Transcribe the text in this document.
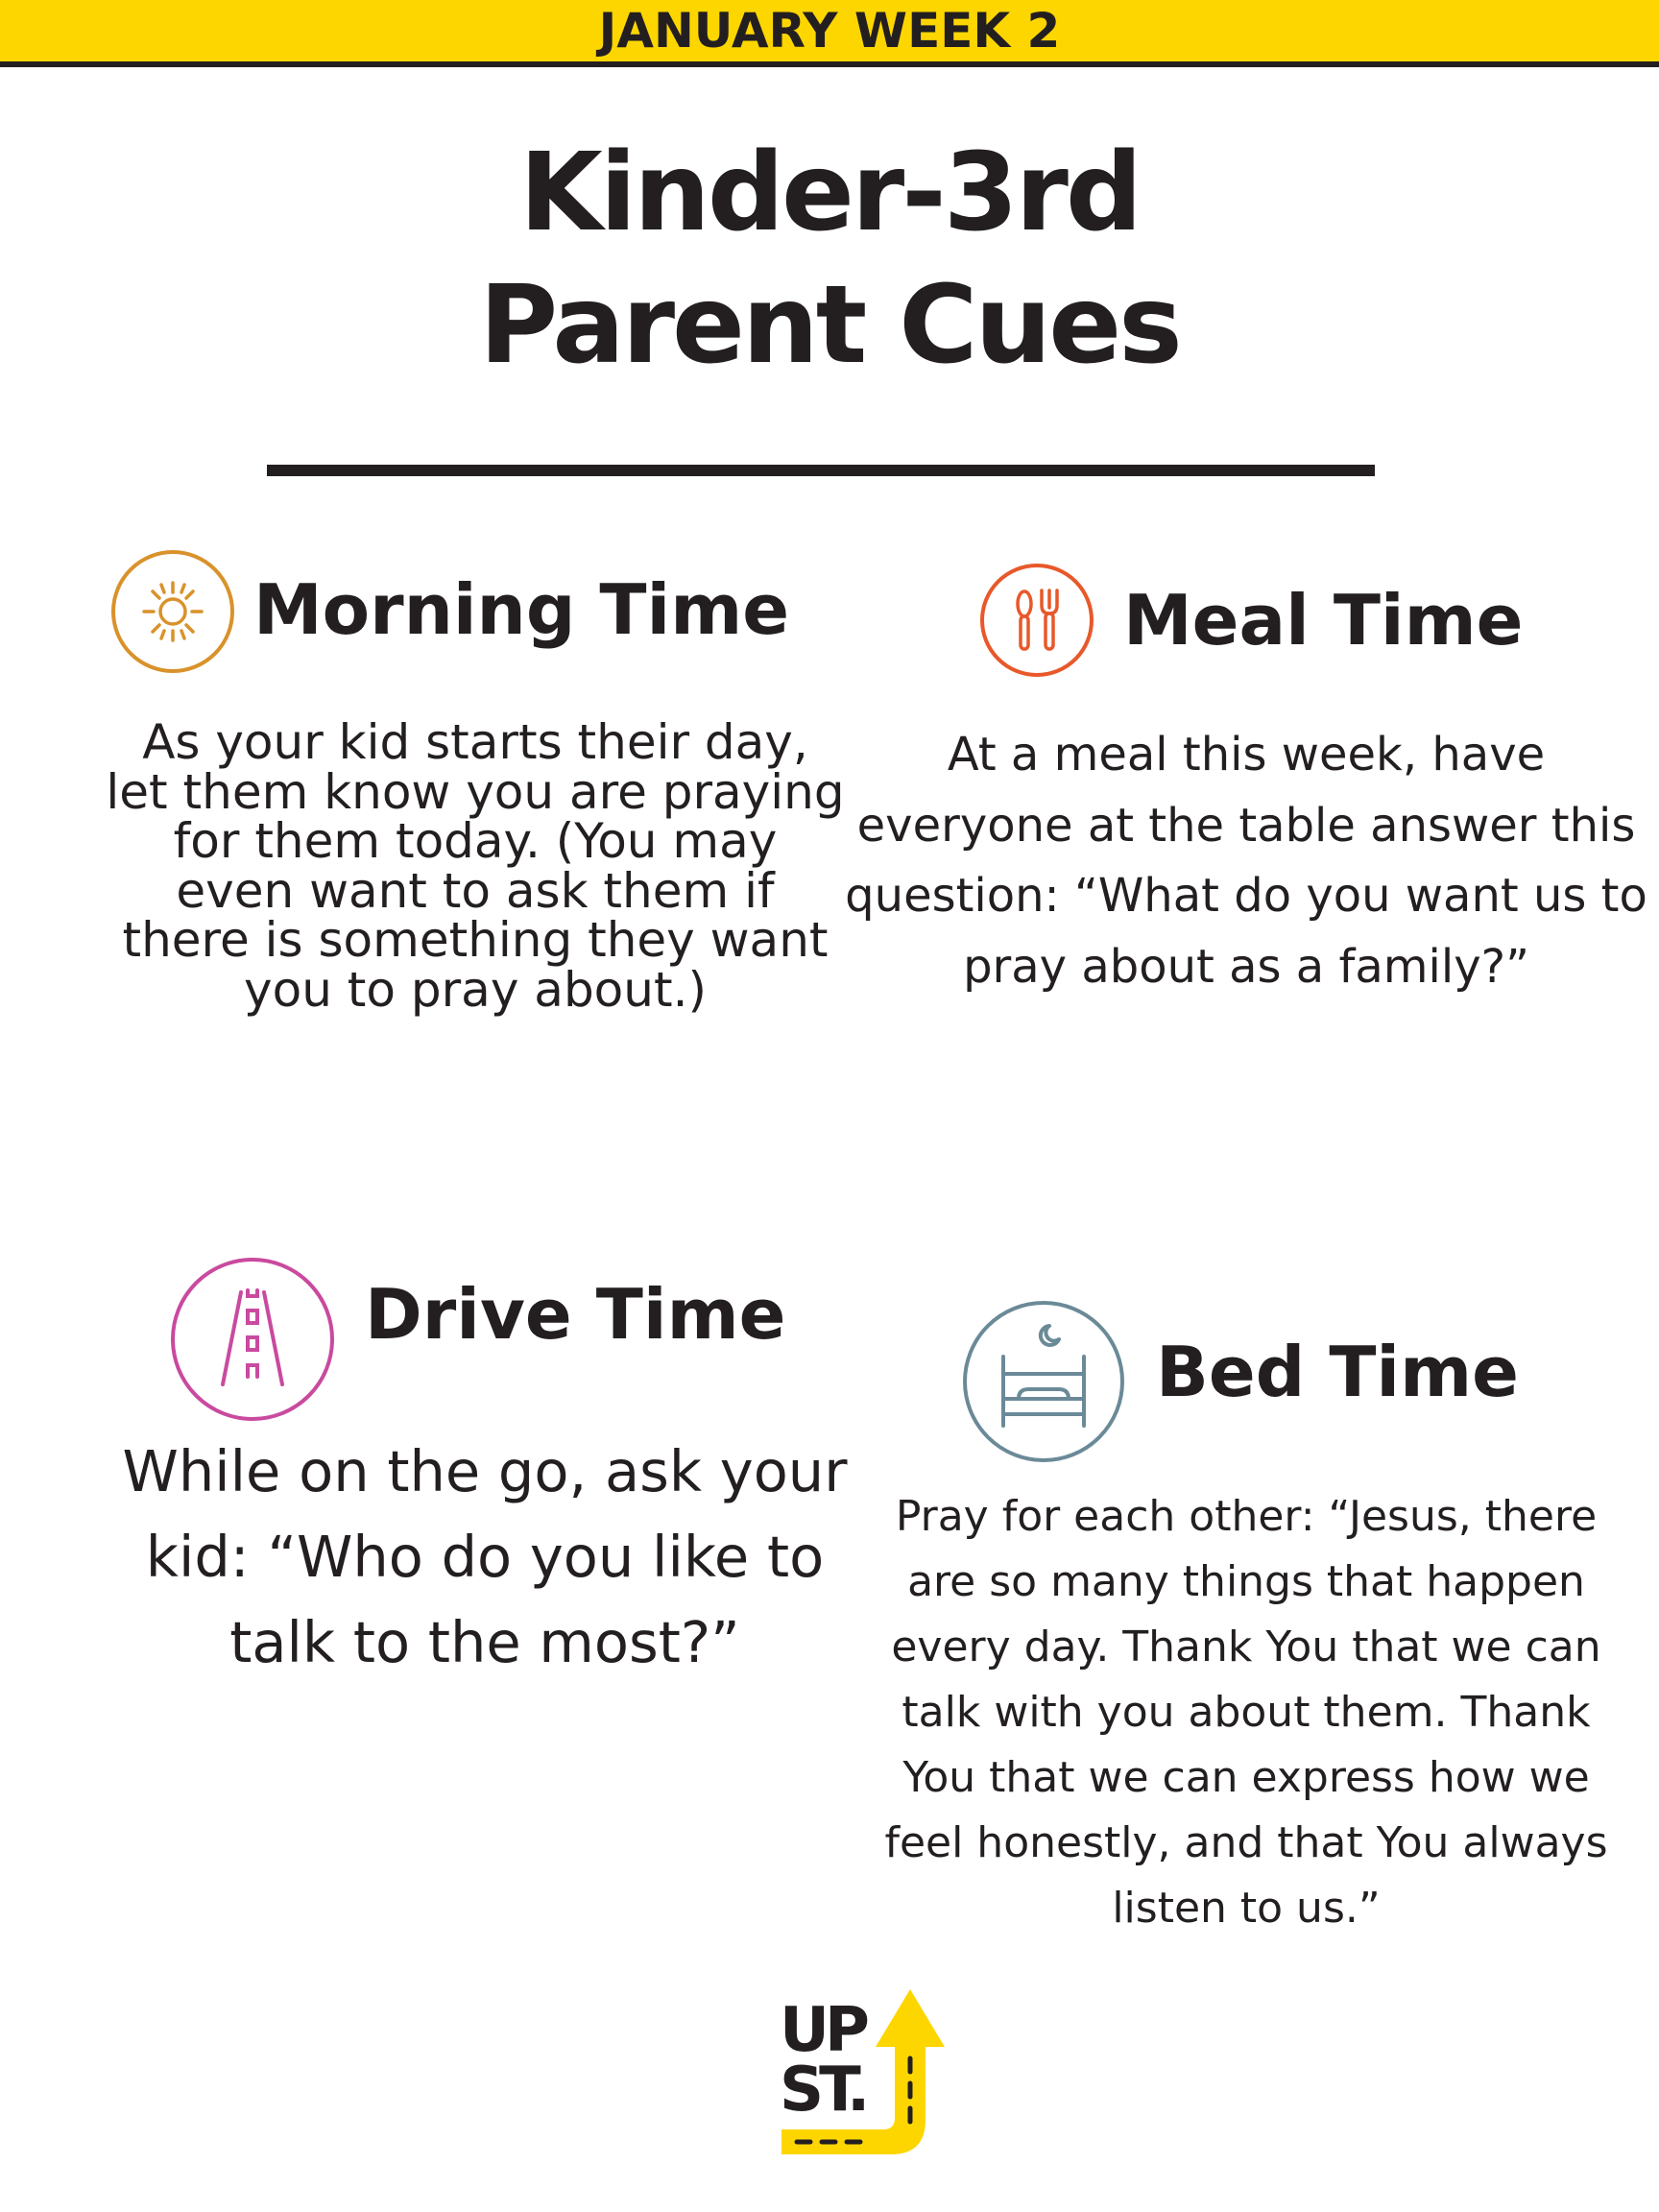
JANUARY WEEK 2
Kinder-3rd
Parent Cues
Morning Time
As your kid starts their day,
let them know you are praying
for them today. (You may
even want to ask them if
there is something they want
you to pray about.)
Meal Time
At a meal this week, have
everyone at the table answer this
question: “What do you want us to
pray about as a family?”
Drive Time
While on the go, ask your
kid: “Who do you like to
talk to the most?”
Bed Time
Pray for each other: “Jesus, there
are so many things that happen
every day. Thank You that we can
talk with you about them. Thank
You that we can express how we
feel honestly, and that You always
listen to us.”
UP
ST.
